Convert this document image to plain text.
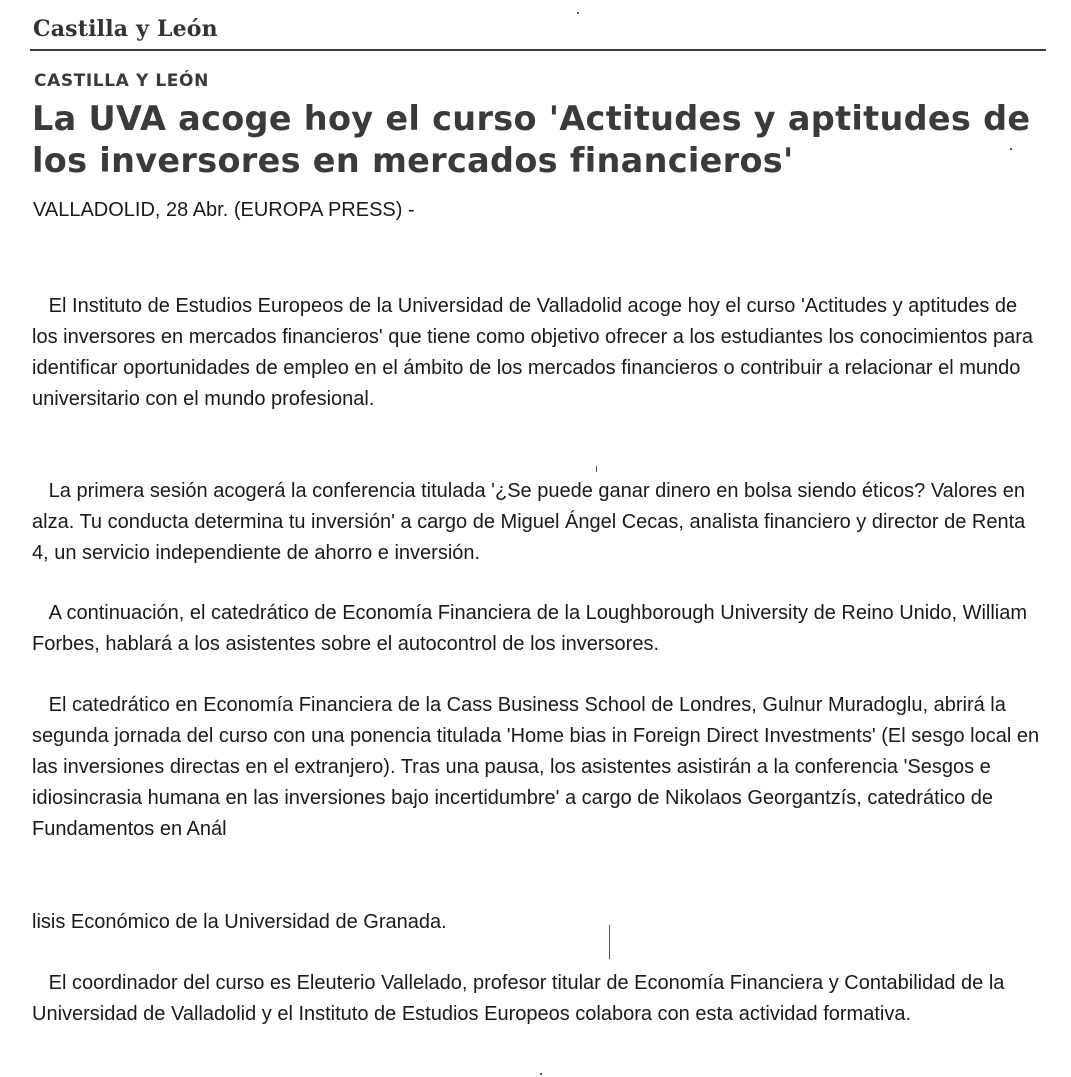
Castilla y León
CASTILLA Y LEÓN
La UVA acoge hoy el curso 'Actitudes y aptitudes de los inversores en mercados financieros'
VALLADOLID, 28 Abr. (EUROPA PRESS) -

El Instituto de Estudios Europeos de la Universidad de Valladolid acoge hoy el curso 'Actitudes y aptitudes de los inversores en mercados financieros' que tiene como objetivo ofrecer a los estudiantes los conocimientos para identificar oportunidades de empleo en el ámbito de los mercados financieros o contribuir a relacionar el mundo universitario con el mundo profesional.

La primera sesión acogerá la conferencia titulada '¿Se puede ganar dinero en bolsa siendo éticos? Valores en alza. Tu conducta determina tu inversión' a cargo de Miguel Ángel Cecas, analista financiero y director de Renta 4, un servicio independiente de ahorro e inversión.

A continuación, el catedrático de Economía Financiera de la Loughborough University de Reino Unido, William Forbes, hablará a los asistentes sobre el autocontrol de los inversores.

El catedrático en Economía Financiera de la Cass Business School de Londres, Gulnur Muradoglu, abrirá la segunda jornada del curso con una ponencia titulada 'Home bias in Foreign Direct Investments' (El sesgo local en las inversiones directas en el extranjero). Tras una pausa, los asistentes asistirán a la conferencia 'Sesgos e idiosincrasia humana en las inversiones bajo incertidumbre' a cargo de Nikolaos Georgantzís, catedrático de Fundamentos en Anál

lisis Económico de la Universidad de Granada.

El coordinador del curso es Eleuterio Vallelado, profesor titular de Economía Financiera y Contabilidad de la Universidad de Valladolid y el Instituto de Estudios Europeos colabora con esta actividad formativa.
